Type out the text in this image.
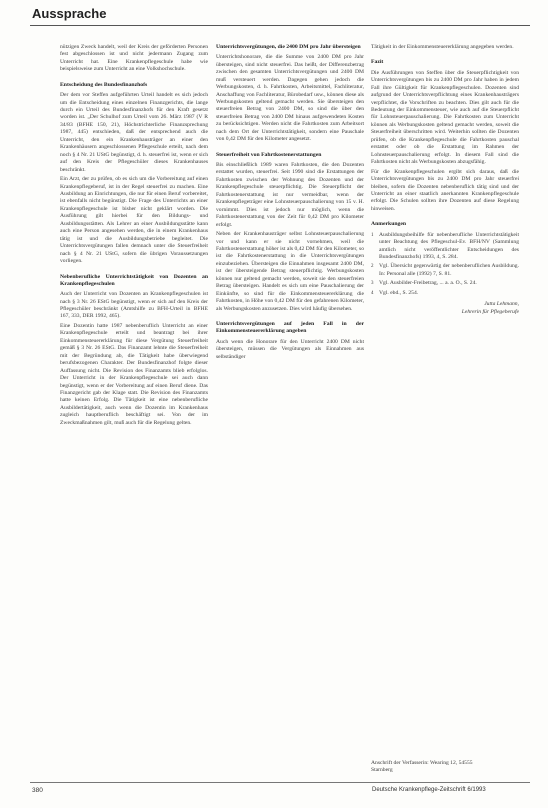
Aussprache

nützigen Zweck handelt, weil der Kreis der geförderten Personen fest abgeschlossen ist und nicht jedermann Zugang zum Unterricht hat. Eine Krankenpflegeschule habe wie beispielsweise zum Unterricht an eine Volkshochschule.

Entscheidung des Bundesfinanzhofs

Der dem vor Steffen aufgeführten Urteil handelt es sich jedoch um die Entscheidung eines einzelnen Finanzgerichts, die lange durch ein Urteil des Bundesfinanzhofs für den Kraft gesetzt worden ist. „Der Schulhof zum Urteil vom 26. März 1987 (V R 34/83 (BFHE 150, 21), Höchstrichterliche Finanzsprechung 1987, 445) entschieden, daß der entsprechend auch die Unterricht, den ein Krankenhausträger an einer den Krankenhäusern angeschlossenen Pflegeschule erteilt, nach dem noch § 4 Nr. 21 UStG begünstigt, d. h. steuerfrei ist, wenn er sich auf den Kreis der Pflegeschüler dieses Krankenhauses beschränkt.

Ein Arzt, der zu prüfen, ob es sich um die Vorbereitung auf einen Krankenpflegeberuf, ist in der Regel steuerfrei zu machen. Eine Ausbildung an Einrichtungen, die nur für einen Beruf vorbereitet, ist ebenfalls nicht begünstigt. Die Frage des Unterrichts an einer Krankenpflegeschule ist bisher nicht geklärt worden. Die Ausführung gilt hierbei für den Bildungs- und Ausbildungsstätten. Als Lehrer an einer Ausbildungsstätte kann auch eine Person angesehen werden, die in einem Krankenhaus tätig ist und die Ausbildungsbetriebe begleitet. Die Unterrichtsvergütungen fallen demnach unter die Steuerfreiheit nach § 4 Nr. 21 UStG, sofern die übrigen Voraussetzungen vorliegen.

Nebenberufliche Unterrichtstätigkeit von Dozenten an Krankenpflegeschulen

Auch der Unterricht von Dozenten an Krankenpflegeschulen ist nach § 3 Nr. 26 EStG begünstigt, wenn er sich auf den Kreis der Pflegeschüler beschränkt (Amtshilfe zu BFH-Urteil in BFHE 167, 333, DER 1992, 465).

Eine Dozentin hatte 1987 nebenberuflich Unterricht an einer Krankenpflegeschule erteilt und beantragt bei ihrer Einkommensteuererklärung für diese Vergütung Steuerfreiheit gemäß § 3 Nr. 26 EStG. Das Finanzamt lehnte die Steuerfreiheit mit der Begründung ab, die Tätigkeit habe überwiegend berufsbezogenen Charakter. Der Bundesfinanzhof folgte dieser Auffassung nicht. Die Revision des Finanzamts blieb erfolglos. Der Unterricht in der Krankenpflegeschule sei auch dann begünstigt, wenn er der Vorbereitung auf einen Beruf diene. Das Finanzgericht gab der Klage statt. Die Revision des Finanzamts hatte keinen Erfolg. Die Tätigkeit ist eine nebenberufliche Ausbildertätigkeit, auch wenn die Dozentin im Krankenhaus zugleich hauptberuflich beschäftigt sei. Von der im Zweckmaßnahmen gilt, muß auch für die Regelung gelten.

Unterrichtsvergütungen, die 2400 DM pro Jahr übersteigen

Unterrichtshonorare, die die Summe von 2400 DM pro Jahr übersteigen, sind nicht steuerfrei. Das heißt, der Differenzbetrag zwischen den gesamten Unterrichtsvergütungen und 2400 DM muß versteuert werden. Dagegen gehen jedoch die Werbungskosten, d. h. Fahrtkosten, Arbeitsmittel, Fachliteratur, Anschaffung von Fachliteratur, Bürobedarf usw., können diese als Werbungskosten geltend gemacht werden. Sie übersteigen den steuerfreien Betrag von 2400 DM, so sind die über den steuerfreien Betrag von 2400 DM hinaus aufgewendeten Kosten zu berücksichtigen. Werden nicht die Fahrtkosten zum Arbeitsort nach dem Ort der Unterrichtstätigkeit, sondern eine Pauschale von 0,42 DM für den Kilometer angesetzt.

Steuerfreiheit von Fahrtkostenerstattungen

Bis einschließlich 1989 waren Fahrtkosten, die den Dozenten erstattet wurden, steuerfrei. Seit 1990 sind die Erstattungen der Fahrtkosten zwischen der Wohnung des Dozenten und der Krankenpflegeschule steuerpflichtig. Die Steuerpflicht der Fahrtkostenerstattung ist nur vermeidbar, wenn der Krankenpflegeträger eine Lohnsteuerpauschalierung von 15 v. H. vornimmt. Dies ist jedoch nur möglich, wenn die Fahrtkostenerstattung von der Zeit für 0,42 DM pro Kilometer erfolgt.

Neben der Krankenhausträger selbst Lohnsteuerpauschalierung vor und kann er sie nicht vornehmen, weil die Fahrtkostenerstattung höher ist als 0,42 DM für den Kilometer, so ist die Fahrtkostenerstattung in die Unterrichtsvergütungen einzubeziehen. Übersteigen die Einnahmen insgesamt 2400 DM, ist der übersteigende Betrag steuerpflichtig. Werbungskosten können nur geltend gemacht werden, soweit sie den steuerfreien Betrag übersteigen. Handelt es sich um eine Pauschalierung der Einkünfte, so sind für die Einkommensteuererklärung die Fahrtkosten, in Höhe von 0,42 DM für den gefahrenen Kilometer, als Werbungskosten anzusetzen. Dies wird häufig übersehen.

Unterrichtsvergütungen auf jeden Fall in der Einkommensteuererklärung angeben

Auch wenn die Honorare für den Unterricht 2400 DM nicht übersteigen, müssen die Vergütungen als Einnahmen aus selbständiger

Tätigkeit in der Einkommensteuererklärung angegeben werden.

Fazit

Die Ausführungen von Steffen über die Steuerpflichtigkeit von Unterrichtsvergütungen bis zu 2400 DM pro Jahr haben in jedem Fall ihre Gültigkeit für Krankenpflegeschulen. Dozenten sind aufgrund der Unterrichtsverpflichtung eines Krankenhausträgers verpflichtet, die Vorschriften zu beachten. Dies gilt auch für die Bedeutung der Einkommensteuer, wie auch auf die Steuerpflicht für Lohnsteuerpauschalierung. Die Fahrtkosten zum Unterricht können als Werbungskosten geltend gemacht werden, soweit die Steuerfreiheit überschritten wird. Weiterhin sollten die Dozenten prüfen, ob die Krankenpflegeschule die Fahrtkosten pauschal erstattet oder ob die Erstattung im Rahmen der Lohnsteuerpauschalierung erfolgt. In diesem Fall sind die Fahrtkosten nicht als Werbungskosten abzugsfähig.

Für die Krankenpflegeschulen ergibt sich daraus, daß die Unterrichtsvergütungen bis zu 2400 DM pro Jahr steuerfrei bleiben, sofern die Dozenten nebenberuflich tätig sind und der Unterricht an einer staatlich anerkannten Krankenpflegeschule erfolgt. Die Schulen sollten ihre Dozenten auf diese Regelung hinweisen.

Anmerkungen
1 Ausbildungsbeihilfe für nebenberufliche Unterrichtstätigkeit unter Beachtung des Pflegeschul-Ev. BFH/NV (Sammlung amtlich nicht veröffentlichter Entscheidungen des Bundesfinanzhofs) 1993, 4, S. 284.
2 Vgl. Übersicht gegenwärtig der nebenberuflichen Ausbildung. In: Personal alle (1992) 7, S. 81.
3 Vgl. Ausbilder-Freibetrag, ... a. a. O., S. 24.
4 Vgl. ebd., S. 254.
Jutta Lehmann,
Lehrerin für Pflegeberufe
Anschrift der Verfasserin: Wearing 12, 54555
Starnberg
380	Deutsche Krankenpflege-Zeitschrift 6/1993
